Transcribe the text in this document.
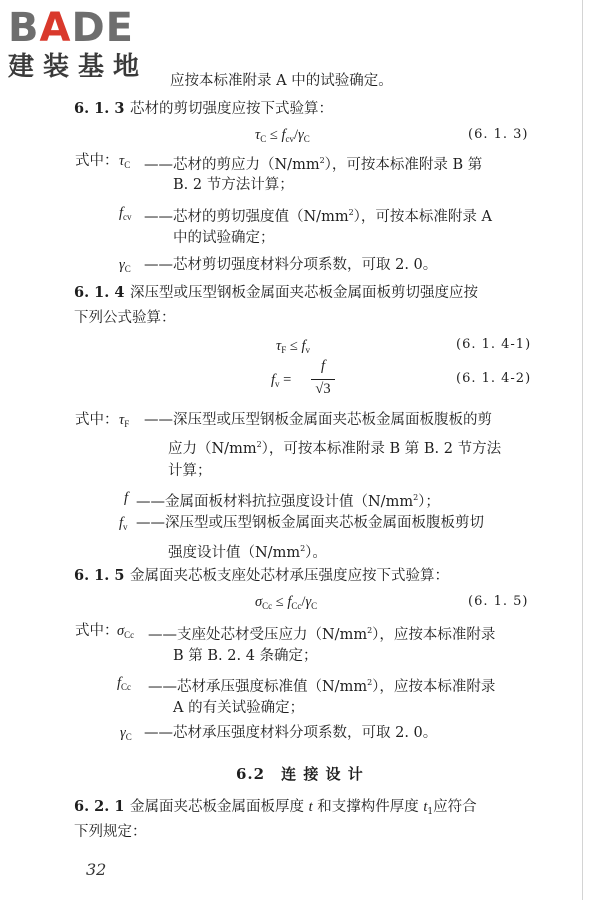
BADE
建装基地 应按本标准附录 A 中的试验确定。
6. 1. 3 芯材的剪切强度应按下式验算：
$\tau_C \le f_{cv}/\gamma_C$	(6. 1. 3)
式中： $\tau_C$ ——芯材的剪应力$(N/mm^2)$，可按本标准附录 B 第
B. 2 节方法计算；
$f_{cv}$ ——芯材的剪切强度值$(N/mm^2)$，可按本标准附录 A
中的试验确定；
$\gamma_C$ ——芯材剪切强度材料分项系数，可取 2. 0。
6. 1. 4 深压型或压型钢板金属面夹芯板金属面板剪切强度应按
下列公式验算：
$\tau_F \le f_v$	(6. 1. 4-1)
$f_v$ =
f
√3
(6. 1. 4-2)
式中： $\tau_F$ ——深压型或压型钢板金属面夹芯板金属面板腹板的剪
应力$(N/mm^2)$，可按本标准附录 B 第 B. 2 节方法
计算；
f ——金属面板材料抗拉强度设计值$(N/mm^2)$；
$f_v$ ——深压型或压型钢板金属面夹芯板金属面板腹板剪切
强度设计值$(N/mm^2)$。
6. 1. 5 金属面夹芯板支座处芯材承压强度应按下式验算：
$\sigma_{Cc} \le f_{Cc}/\gamma_C$	(6. 1. 5)
式中：
$\sigma_{Cc}$ ——支座处芯材受压应力$(N/mm^2)$，应按本标准附录
B 第 B. 2. 4 条确定；
$f_{Cc}$ ——芯材承压强度标准值$(N/mm^2)$，应按本标准附录
A 的有关试验确定；
$\gamma_C$ ——芯材承压强度材料分项系数，可取 2. 0。
6.2　连 接 设 计
6. 2. 1 金属面夹芯板金属面板厚度 t 和支撑构件厚度 $t_1$应符合
下列规定：
32
